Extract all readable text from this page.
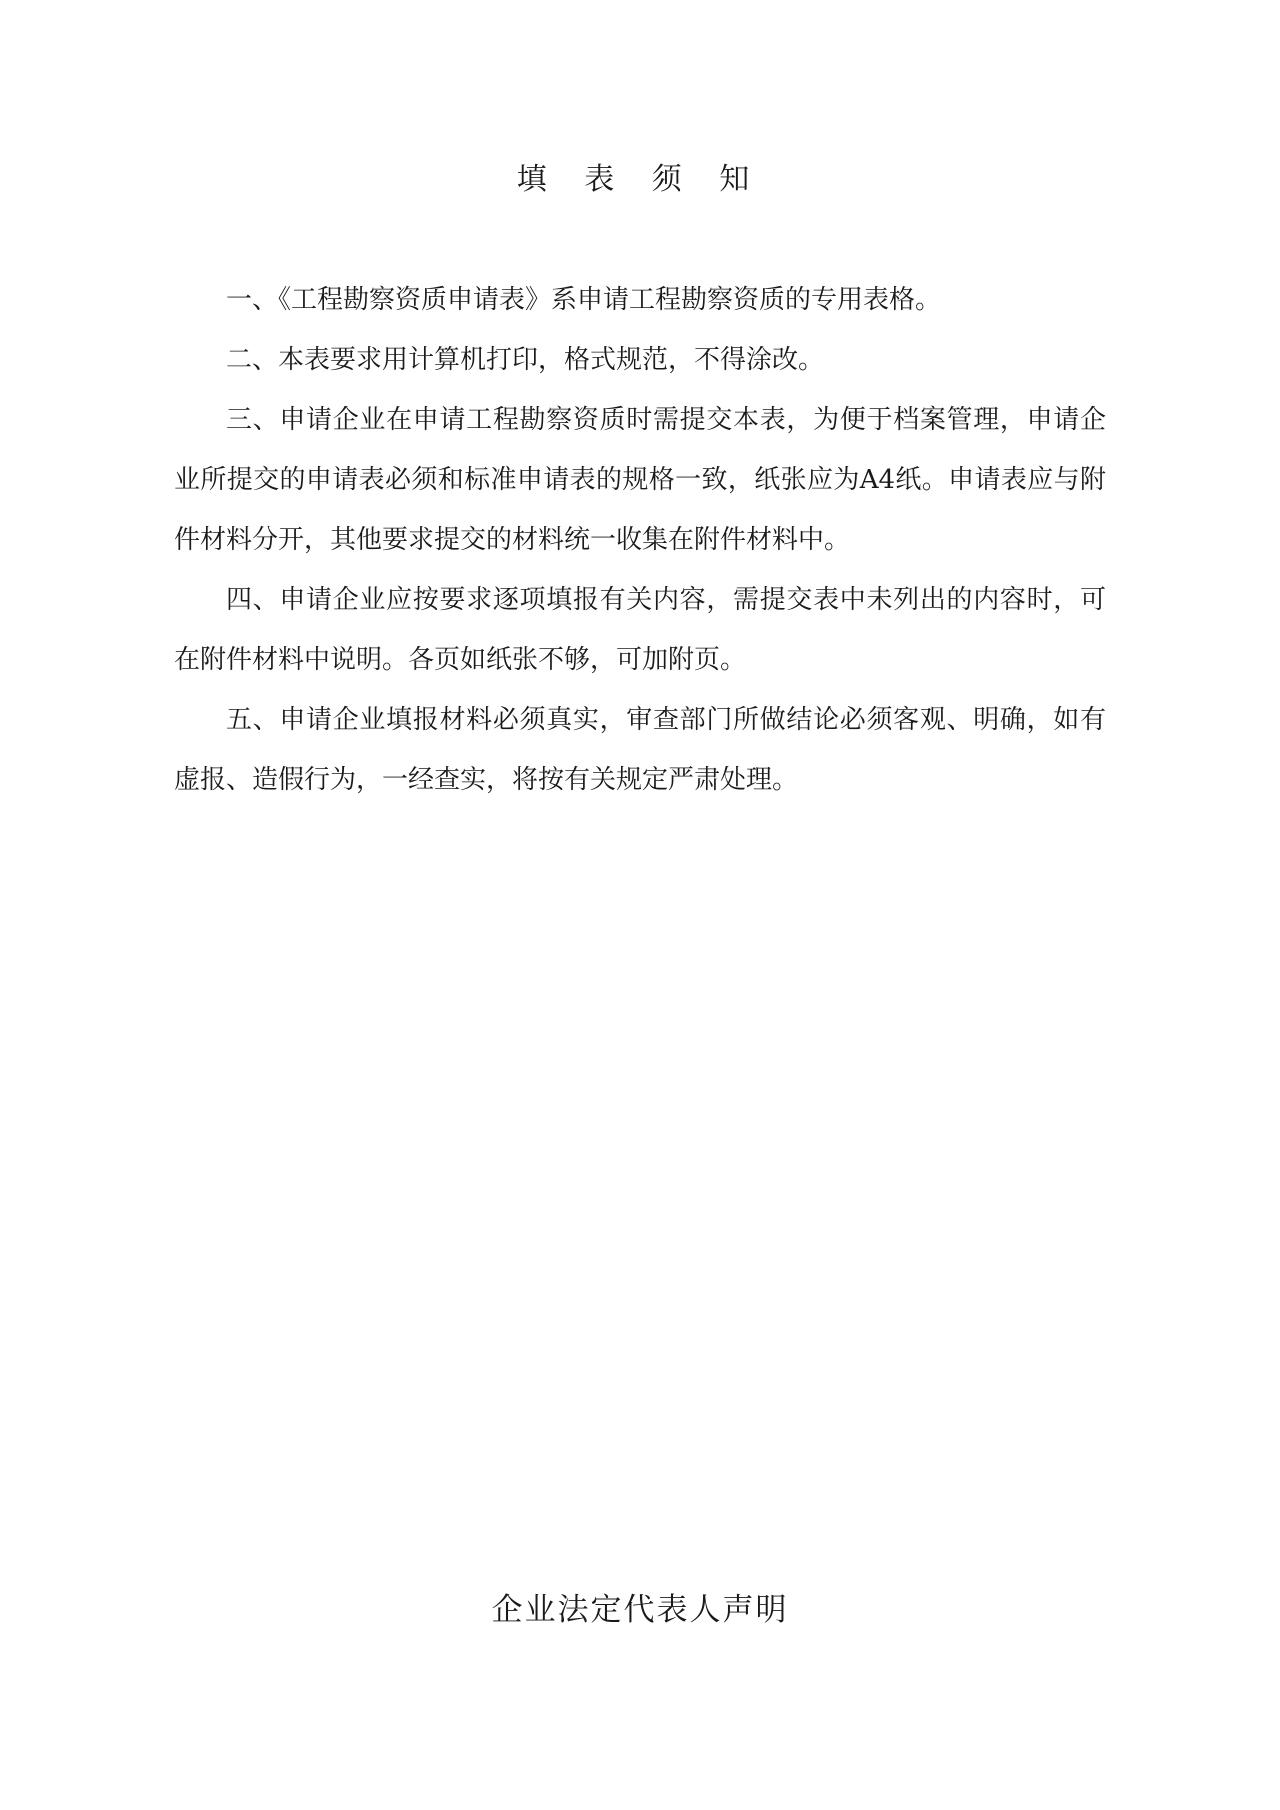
填 表 须 知

一、《工程勘察资质申请表》系申请工程勘察资质的专用表格。

二、本表要求用计算机打印，格式规范，不得涂改。

三、申请企业在申请工程勘察资质时需提交本表，为便于档案管理，申请企业所提交的申请表必须和标准申请表的规格一致，纸张应为A4纸。申请表应与附件材料分开，其他要求提交的材料统一收集在附件材料中。

四、申请企业应按要求逐项填报有关内容，需提交表中未列出的内容时，可在附件材料中说明。各页如纸张不够，可加附页。

五、申请企业填报材料必须真实，审查部门所做结论必须客观、明确，如有虚报、造假行为，一经查实，将按有关规定严肃处理。

企业法定代表人声明
